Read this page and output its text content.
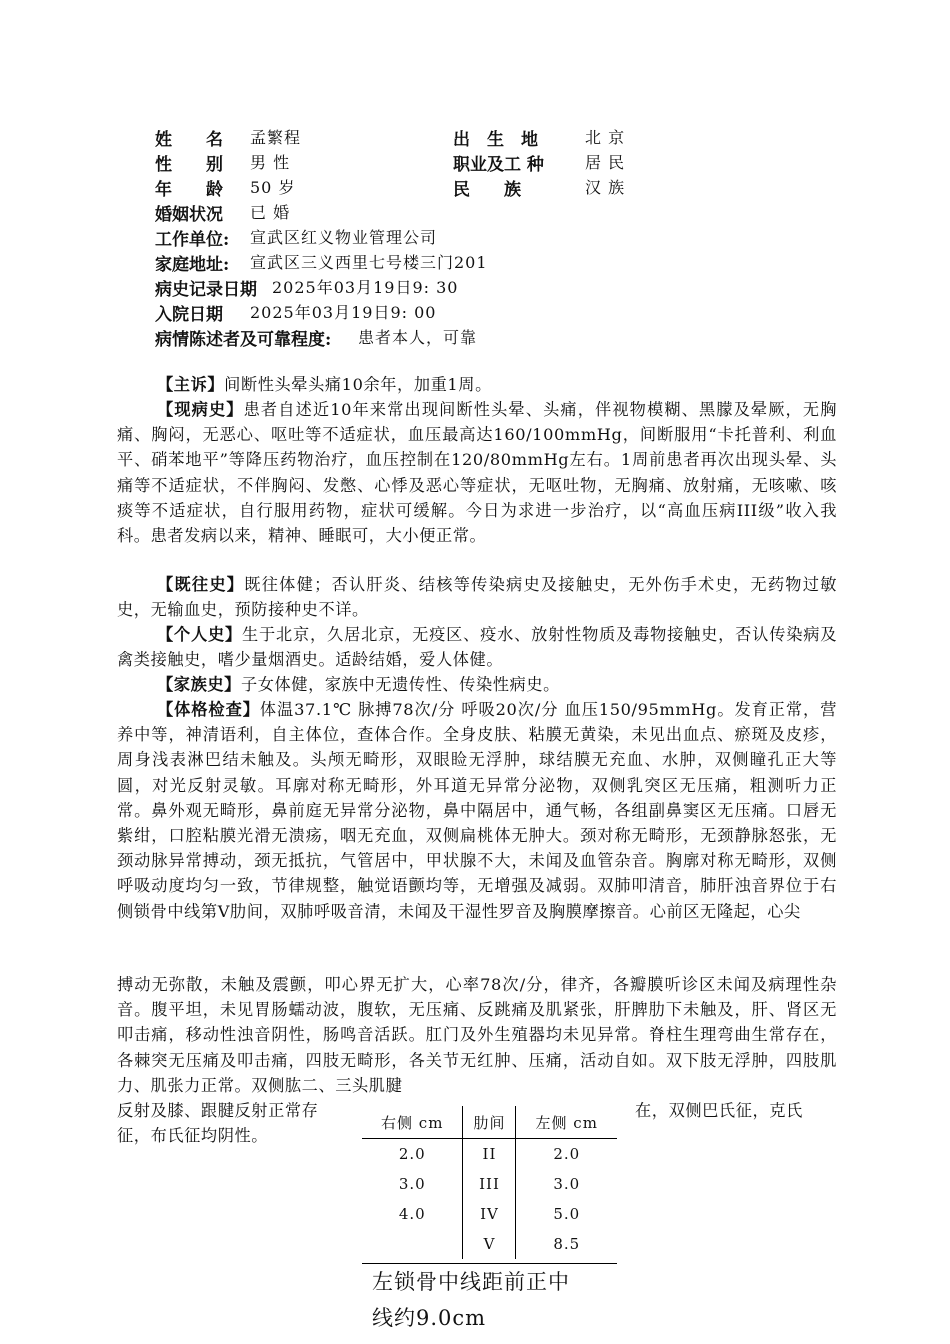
姓　　名 孟繁程	出　生　地	北 京
性　　别 男 性	职业及工 种	居 民
年　　龄 50 岁	民　　族	汉 族
婚姻状况 已 婚
工作单位: 宣武区红义物业管理公司
家庭地址: 宣武区三义西里七号楼三门201
病史记录日期 2025年03月19日9: 30
入院日期 2025年03月19日9: 00
病情陈述者及可靠程度: 患者本人，可靠
【主诉】间断性头晕头痛10余年，加重1周。
【现病史】患者自述近10年来常出现间断性头晕、头痛，伴视物模糊、黑朦及晕厥，无胸痛、胸闷，无恶心、呕吐等不适症状，血压最高达160/100mmHg，间断服用“卡托普利、利血平、硝苯地平”等降压药物治疗，血压控制在120/80mmHg左右。1周前患者再次出现头晕、头痛等不适症状，不伴胸闷、发憋、心悸及恶心等症状，无呕吐物，无胸痛、放射痛，无咳嗽、咳痰等不适症状，自行服用药物，症状可缓解。今日为求进一步治疗，以“高血压病III级”收入我科。患者发病以来，精神、睡眠可，大小便正常。
【既往史】既往体健；否认肝炎、结核等传染病史及接触史，无外伤手术史，无药物过敏史，无输血史，预防接种史不详。
【个人史】生于北京，久居北京，无疫区、疫水、放射性物质及毒物接触史，否认传染病及禽类接触史，嗜少量烟酒史。适龄结婚，爱人体健。
【家族史】子女体健，家族中无遗传性、传染性病史。
【体格检查】体温37.1℃ 脉搏78次/分 呼吸20次/分 血压150/95mmHg。发育正常，营养中等，神清语利，自主体位，查体合作。全身皮肤、粘膜无黄染，未见出血点、瘀斑及皮疹，周身浅表淋巴结未触及。头颅无畸形，双眼睑无浮肿，球结膜无充血、水肿，双侧瞳孔正大等圆，对光反射灵敏。耳廓对称无畸形，外耳道无异常分泌物，双侧乳突区无压痛，粗测听力正常。鼻外观无畸形，鼻前庭无异常分泌物，鼻中隔居中，通气畅，各组副鼻窦区无压痛。口唇无紫绀，口腔粘膜光滑无溃疡，咽无充血，双侧扁桃体无肿大。颈对称无畸形，无颈静脉怒张，无颈动脉异常搏动，颈无抵抗，气管居中，甲状腺不大，未闻及血管杂音。胸廓对称无畸形，双侧呼吸动度均匀一致，节律规整，触觉语颤均等，无增强及减弱。双肺叩清音，肺肝浊音界位于右侧锁骨中线第V肋间，双肺呼吸音清，未闻及干湿性罗音及胸膜摩擦音。心前区无隆起，心尖
搏动无弥散，未触及震颤，叩心界无扩大，心率78次/分，律齐，各瓣膜听诊区未闻及病理性杂音。腹平坦，未见胃肠蠕动波，腹软，无压痛、反跳痛及肌紧张，肝脾肋下未触及，肝、肾区无叩击痛，移动性浊音阴性，肠鸣音活跃。肛门及外生殖器均未见异常。脊柱生理弯曲生常存在，各棘突无压痛及叩击痛，四肢无畸形，各关节无红肿、压痛，活动自如。双下肢无浮肿，四肢肌力、肌张力正常。双侧肱二、三头肌腱
反射及膝、跟腱反射正常存	在，双侧巴氏征，克氏
征，布氏征均阴性。
右侧 cm	肋间	左侧 cm
2.0	II	2.0
3.0	III	3.0
4.0	IV	5.0
	V	8.5
左锁骨中线距前正中
线约9.0cm
